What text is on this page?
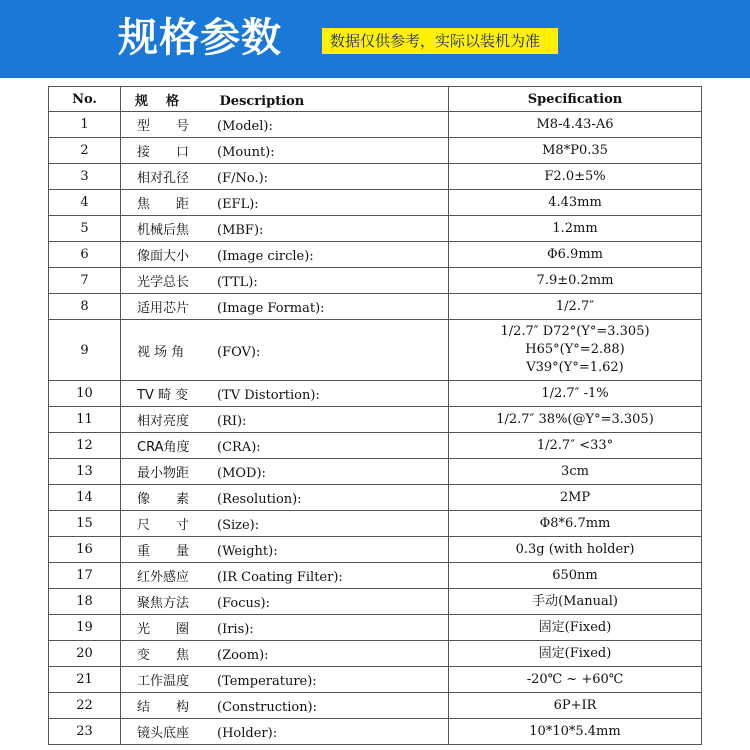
规格参数	数据仅供参考，实际以装机为准
No.	规格 Description	Specification
1	型　　号 (Model):	M8-4.43-A6

2	接　　口 (Mount):	M8*P0.35

3	相对孔径 (F/No.):	F2.0±5%

4	焦　　距 (EFL):	4.43mm

5	机械后焦 (MBF):	1.2mm

6	像面大小 (Image circle):	Φ6.9mm

7	光学总长 (TTL):	7.9±0.2mm

8	适用芯片 (Image Format):	1/2.7″

9	视 场 角 (FOV):	1/2.7″ D72°(Y°=3.305)
H65°(Y°=2.88)
V39°(Y°=1.62)

10	TV 畸 变 (TV Distortion):	1/2.7″ -1%

11	相对亮度 (RI):	1/2.7″ 38%(@Y°=3.305)

12	CRA角度 (CRA):	1/2.7″ <33°

13	最小物距 (MOD):	3cm

14	像　　素 (Resolution):	2MP

15	尺　　寸 (Size):	Φ8*6.7mm

16	重　　量 (Weight):	0.3g (with holder)

17	红外感应 (IR Coating Filter):	650nm

18	聚焦方法 (Focus):	手动(Manual)

19	光　　圈 (Iris):	固定(Fixed)

20	变　　焦 (Zoom):	固定(Fixed)

21	工作温度 (Temperature):	-20℃ ~ +60℃

22	结　　构 (Construction):	6P+IR

23	镜头底座 (Holder):	10*10*5.4mm
